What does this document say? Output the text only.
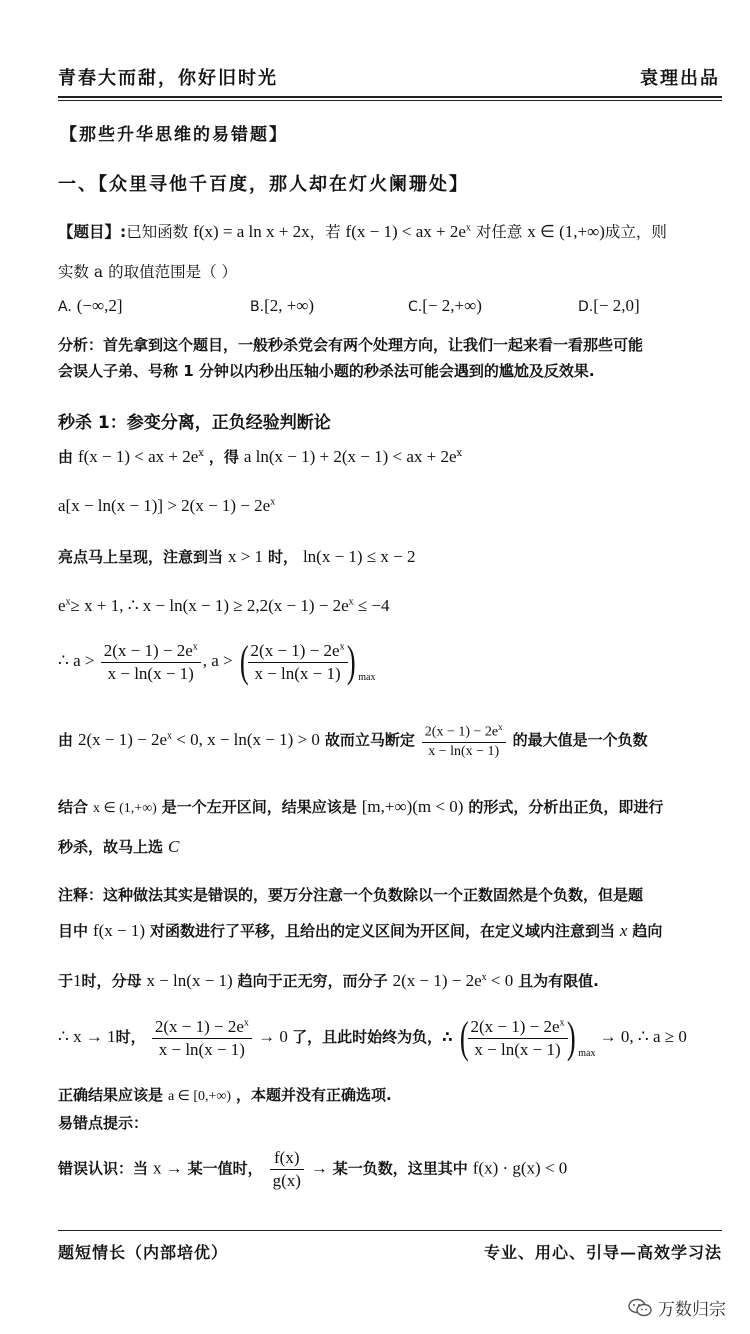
青春大而甜，你好旧时光	袁理出品
【那些升华思维的易错题】
一、【众里寻他千百度，那人却在灯火阑珊处】
【题目】:已知函数 f(x) = a ln x + 2x，若 f(x − 1) < ax + $2e^x$ 对任意 x ∈ (1,+∞)成立，则
实数 a 的取值范围是（ ）
A. (−∞,2]	B.[2, +∞)	C.[− 2,+∞)	D.[− 2,0]
分析：首先拿到这个题目，一般秒杀党会有两个处理方向，让我们一起来看一看那些可能
会误人子弟、号称 1 分钟以内秒出压轴小题的秒杀法可能会遇到的尴尬及反效果.
秒杀 1：参变分离，正负经验判断论
由 f(x − 1) < ax + $2e^x$ ，得 a ln(x − 1) + 2(x − 1) < ax + $2e^x$
$a[x - \ln(x - 1)] > 2(x - 1) - 2e^x$
亮点马上呈现，注意到当 x > 1 时， ln(x − 1) ≤ x − 2
$e^x\ge x + 1$, ∴ $x - \ln(x - 1) \ge 2,2(x - 1) - 2e^x \le -4$
∴ $a > \frac{2(x - 1) - 2e^x}{x - \ln(x - 1)}$ , a > (
$\frac{2(x - 1) - 2e^x}{x - \ln(x - 1)}$
) $_{max}$
由 $2(x - 1) - 2e^x < 0$, x − ln(x − 1) > 0 故而立马断定 $\frac{2(x - 1) - 2e^x}{x - \ln(x - 1)}$ 的最大值是一个负数
结合 x ∈ (1,+∞) 是一个左开区间，结果应该是 [m,+∞)(m < 0) 的形式，分析出正负，即进行
秒杀，故马上选 C
注释：这种做法其实是错误的，要万分注意一个负数除以一个正数固然是个负数，但是题
目中 f(x − 1) 对函数进行了平移，且给出的定义区间为开区间，在定义域内注意到当 x 趋向
于1时，分母 x − ln(x − 1) 趋向于正无穷，而分子 $2(x - 1) - 2e^x < 0$ 且为有限值.
∴ x → 1时， $\frac{2(x - 1) - 2e^x}{x - \ln(x - 1)} \to 0$ 了，且此时始终为负，∴ (
$\frac{2(x - 1) - 2e^x}{x - \ln(x - 1)}$
) $_{max}$ → 0, ∴ a ≥ 0
正确结果应该是 a ∈ [0,+∞) ，本题并没有正确选项.
易错点提示：
错误认识：当 x → 某一值时， $\frac{f(x)}{g(x)}$ → 某一负数，这里其中 f(x) · g(x) < 0
题短情长（内部培优）	专业、用心、引导—高效学习法
万数归宗
